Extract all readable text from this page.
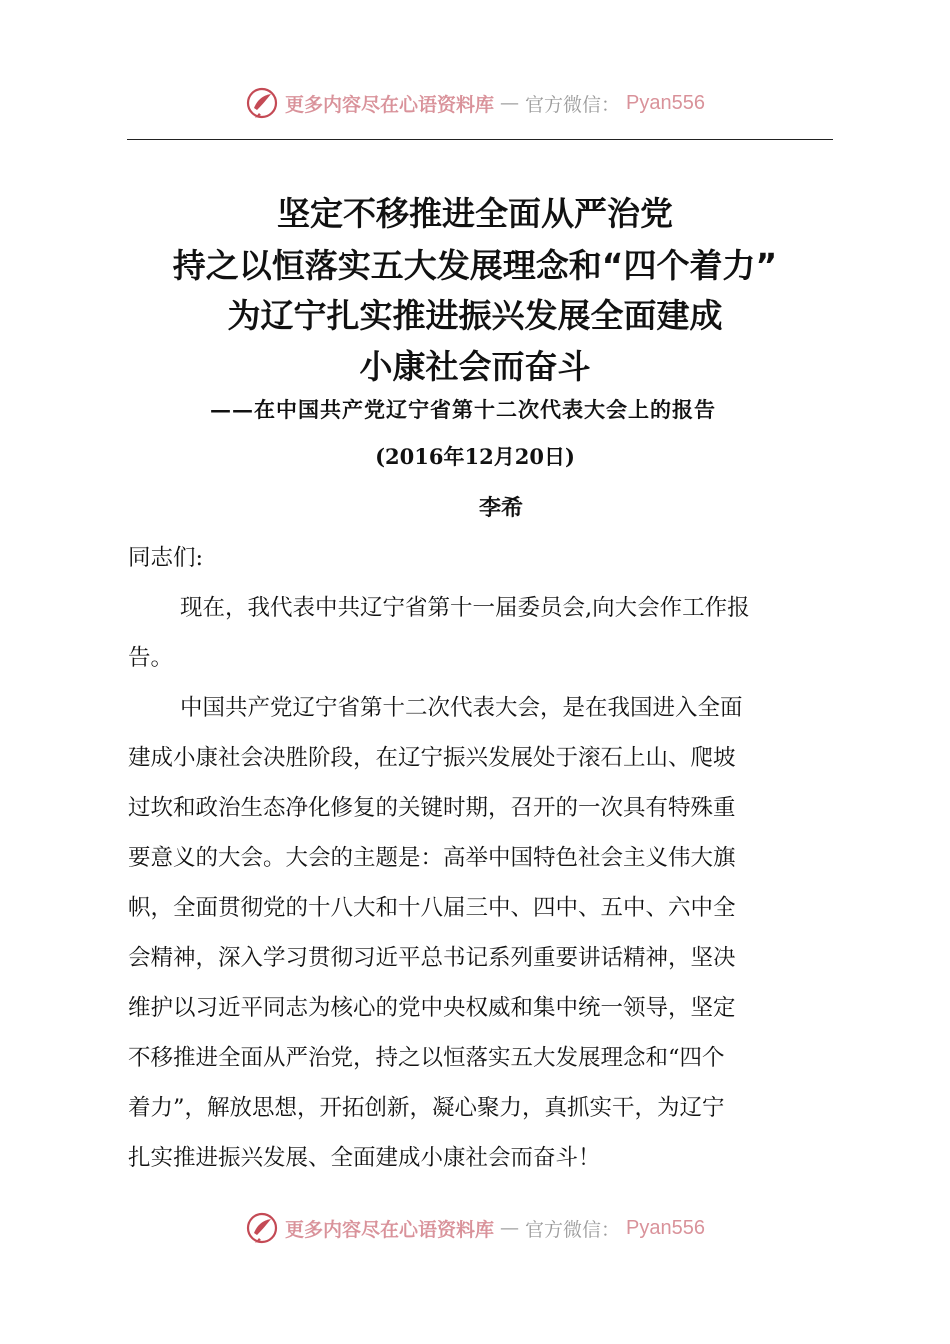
更多内容尽在心语资料库 — 官方微信： Pyan556
坚定不移推进全面从严治党
持之以恒落实五大发展理念和“四个着力”
为辽宁扎实推进振兴发展全面建成
小康社会而奋斗
——在中国共产党辽宁省第十二次代表大会上的报告
(2016年12月20日)
李希
同志们:
现在，我代表中共辽宁省第十一届委员会,向大会作工作报
告。
中国共产党辽宁省第十二次代表大会，是在我国进入全面
建成小康社会决胜阶段，在辽宁振兴发展处于滚石上山、爬坡
过坎和政治生态净化修复的关键时期，召开的一次具有特殊重
要意义的大会。大会的主题是：高举中国特色社会主义伟大旗
帜，全面贯彻党的十八大和十八届三中、四中、五中、六中全
会精神，深入学习贯彻习近平总书记系列重要讲话精神，坚决
维护以习近平同志为核心的党中央权威和集中统一领导，坚定
不移推进全面从严治党，持之以恒落实五大发展理念和“四个
着力”，解放思想，开拓创新，凝心聚力，真抓实干，为辽宁
扎实推进振兴发展、全面建成小康社会而奋斗！
更多内容尽在心语资料库 — 官方微信： Pyan556
